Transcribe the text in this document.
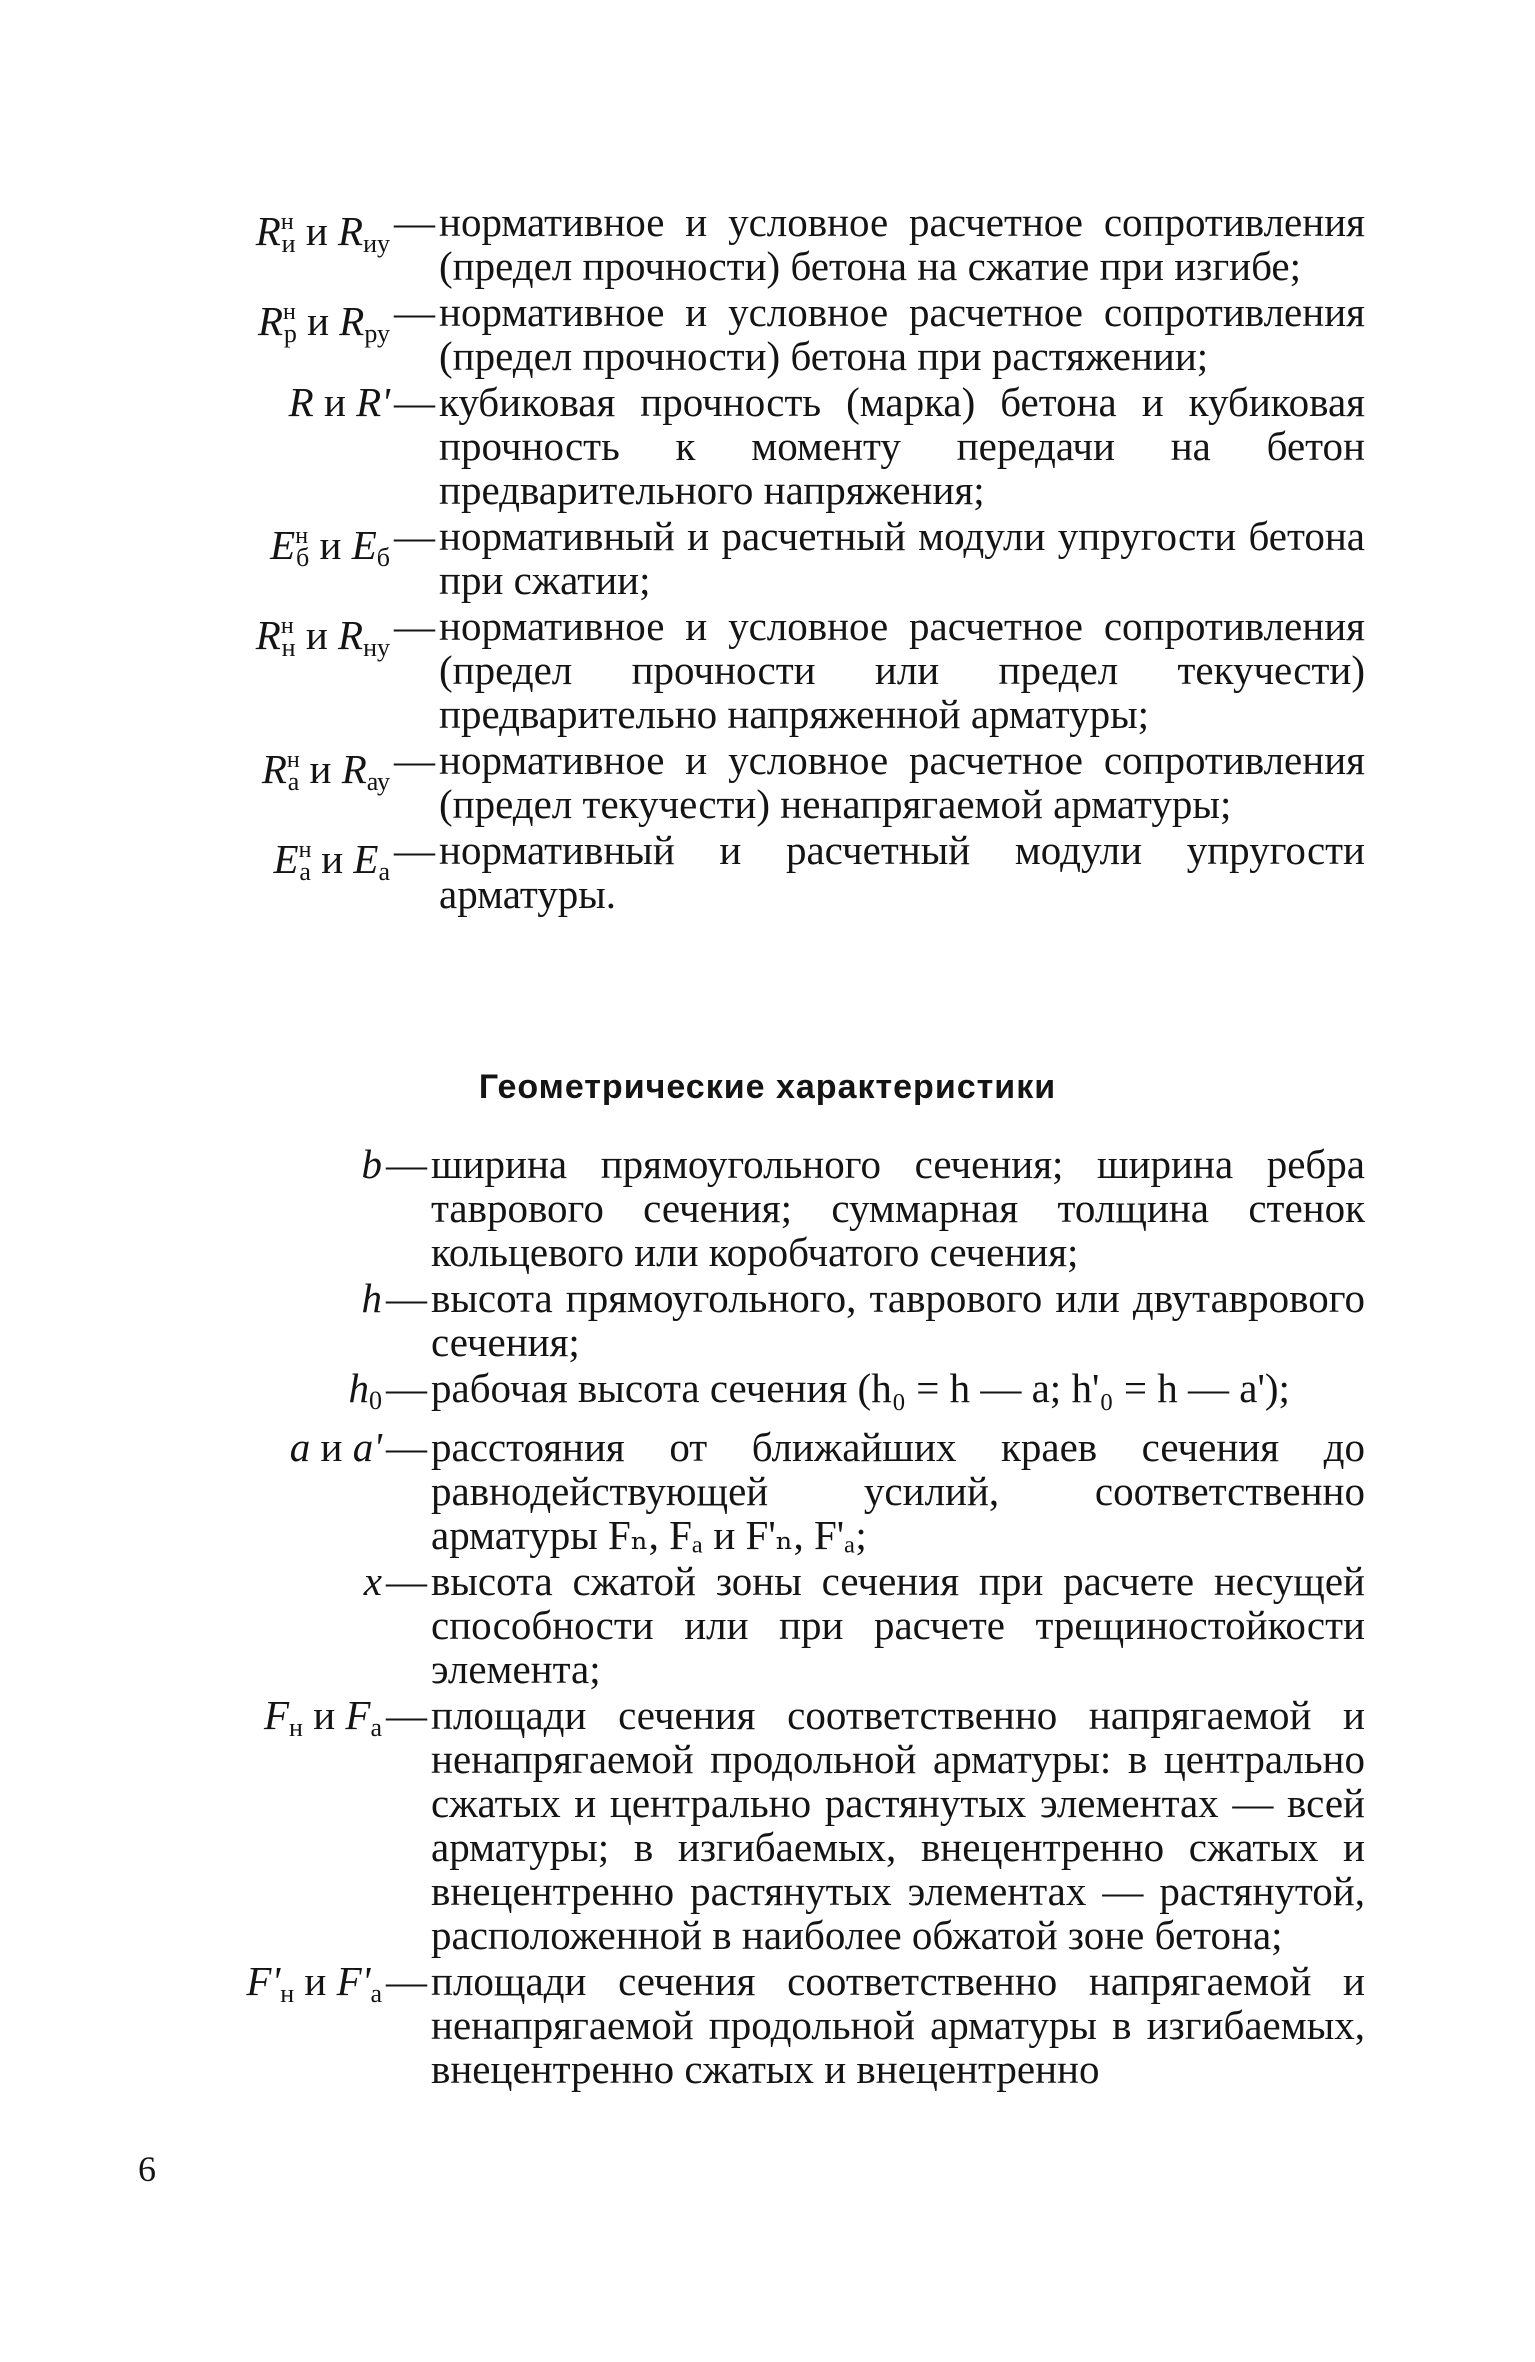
$R^н_и$ и $R_{иу}$ — нормативное и условное расчетное сопротивления (предел прочности) бетона на сжатие при изгибе;
$R^н_р$ и $R_{ру}$ — нормативное и условное расчетное сопротивления (предел прочности) бетона при растяжении;
R и R' — кубиковая прочность (марка) бетона и кубиковая прочность к моменту передачи на бетон предварительного напряжения;
$E^н_б$ и $E_б$ — нормативный и расчетный модули упругости бетона при сжатии;
$R^н_н$ и $R_{ну}$ — нормативное и условное расчетное сопротивления (предел прочности или предел текучести) предварительно напряженной арматуры;
$R^н_а$ и $R_{ау}$ — нормативное и условное расчетное сопротивления (предел текучести) ненапрягаемой арматуры;
$E^н_а$ и $E_а$ — нормативный и расчетный модули упругости арматуры.
Геометрические характеристики
b — ширина прямоугольного сечения; ширина ребра таврового сечения; суммарная толщина стенок кольцевого или коробчатого сечения;
h — высота прямоугольного, таврового или двутаврового сечения;
$h_0$ — рабочая высота сечения (h₀ = h — a; h'₀ = h — a');
a и a' — расстояния от ближайших краев сечения до равнодействующей усилий, соответственно арматуры Fₙ, Fₐ и F'ₙ, F'ₐ;
x — высота сжатой зоны сечения при расчете несущей способности или при расчете трещиностойкости элемента;
$F_н$ и $F_а$ — площади сечения соответственно напрягаемой и ненапрягаемой продольной арматуры: в центрально сжатых и центрально растянутых элементах — всей арматуры; в изгибаемых, внецентренно сжатых и внецентренно растянутых элементах — растянутой, расположенной в наиболее обжатой зоне бетона;
$F'_н$ и $F'_а$ — площади сечения соответственно напрягаемой и ненапрягаемой продольной арматуры в изгибаемых, внецентренно сжатых и внецентренно
6
